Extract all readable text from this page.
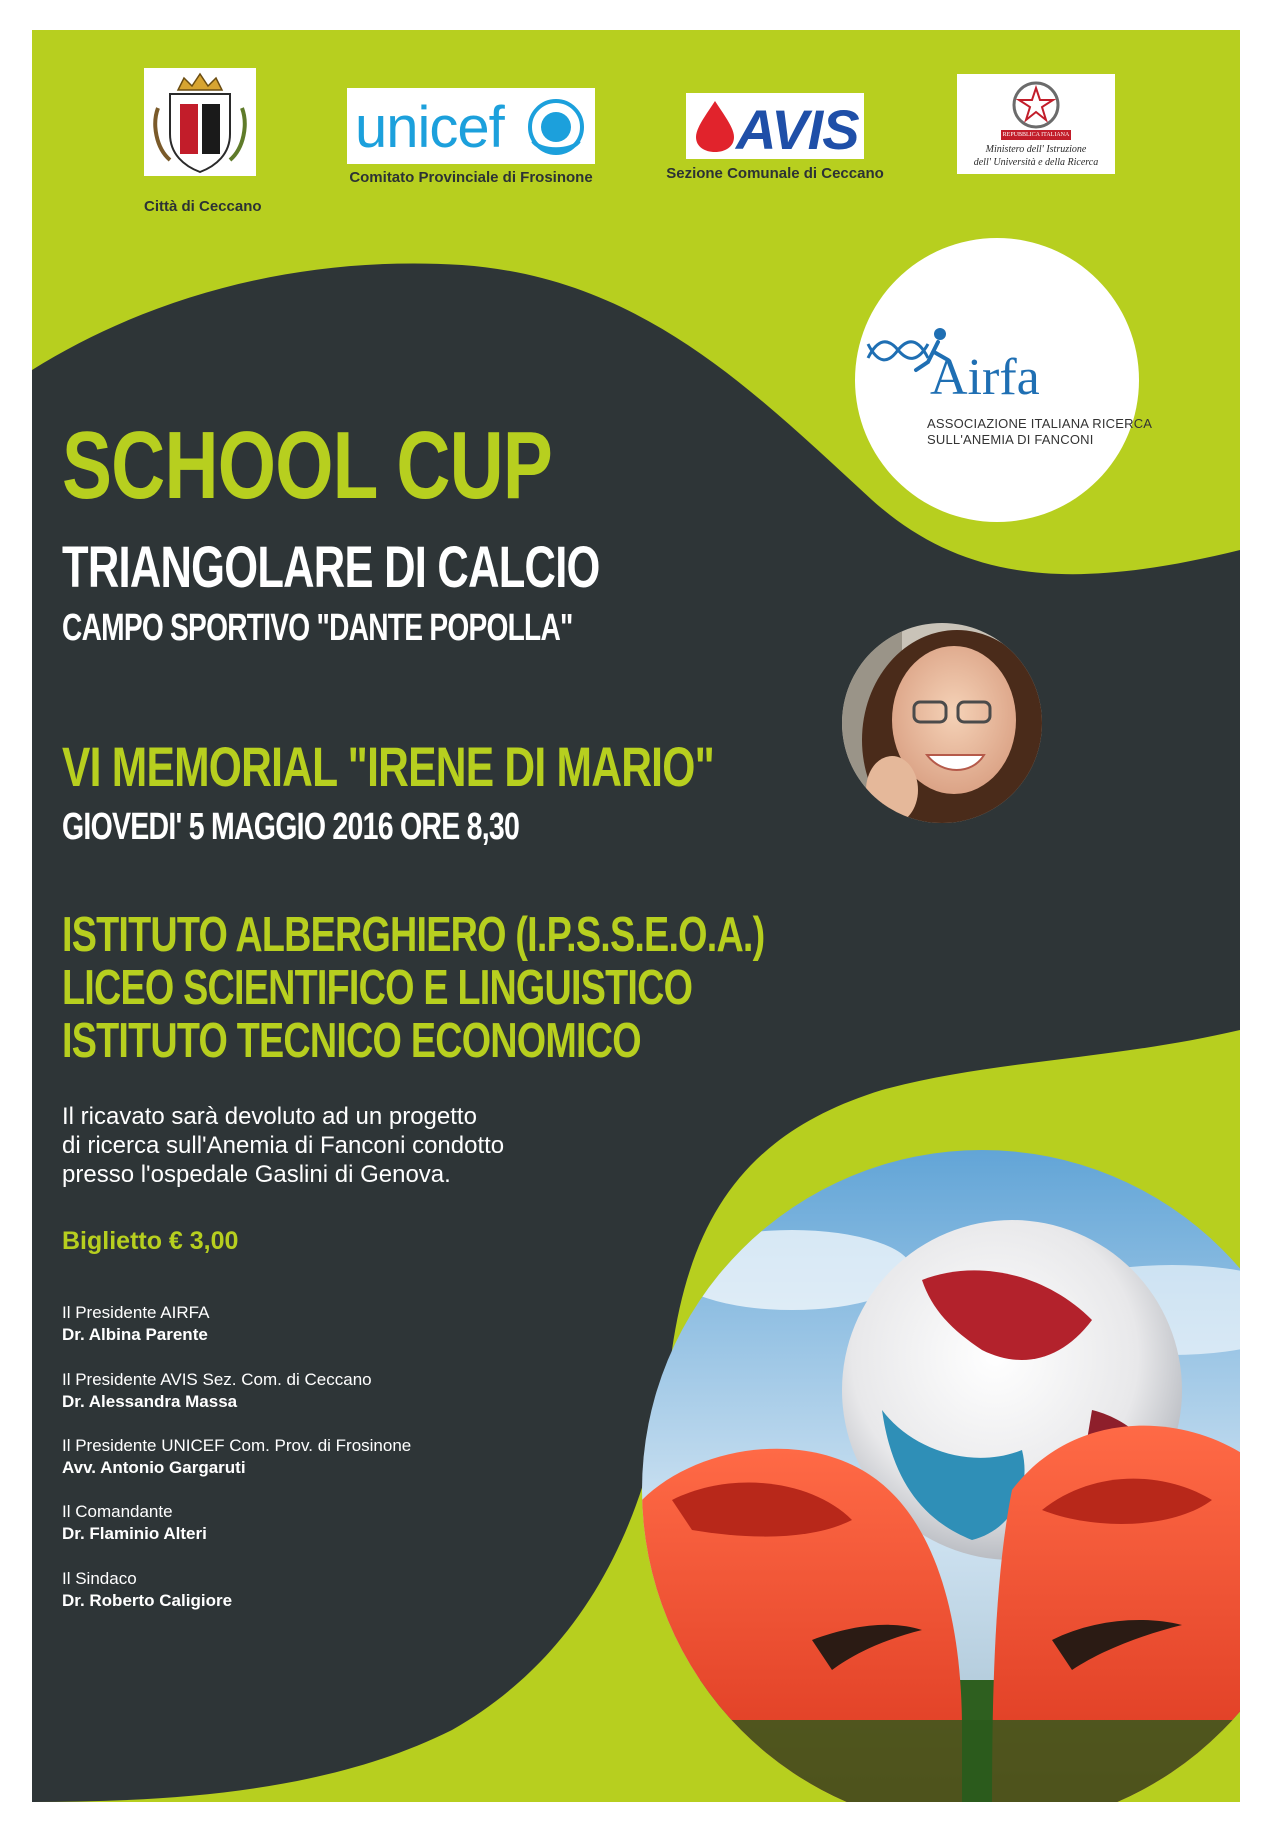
Città di Ceccano
unicef
Comitato Provinciale di Frosinone
AVIS
Sezione Comunale di Ceccano
REPUBBLICA ITALIANA
Ministero dell' Istruzione
dell' Università e della Ricerca
Airfa
ASSOCIAZIONE ITALIANA RICERCA
SULL'ANEMIA DI FANCONI
SCHOOL CUP
TRIANGOLARE DI CALCIO
CAMPO SPORTIVO "DANTE POPOLLA"
VI MEMORIAL "IRENE DI MARIO"
GIOVEDI' 5 MAGGIO 2016 ORE 8,30
ISTITUTO ALBERGHIERO (I.P.S.S.E.O.A.)
LICEO SCIENTIFICO E LINGUISTICO
ISTITUTO TECNICO ECONOMICO
Il ricavato sarà devoluto ad un progetto
di ricerca sull'Anemia di Fanconi condotto
presso l'ospedale Gaslini di Genova.
Biglietto € 3,00
Il Presidente AIRFA
Dr. Albina Parente
Il Presidente AVIS Sez. Com. di Ceccano
Dr. Alessandra Massa
Il Presidente UNICEF Com. Prov. di Frosinone
Avv. Antonio Gargaruti
Il Comandante
Dr. Flaminio Alteri
Il Sindaco
Dr. Roberto Caligiore
